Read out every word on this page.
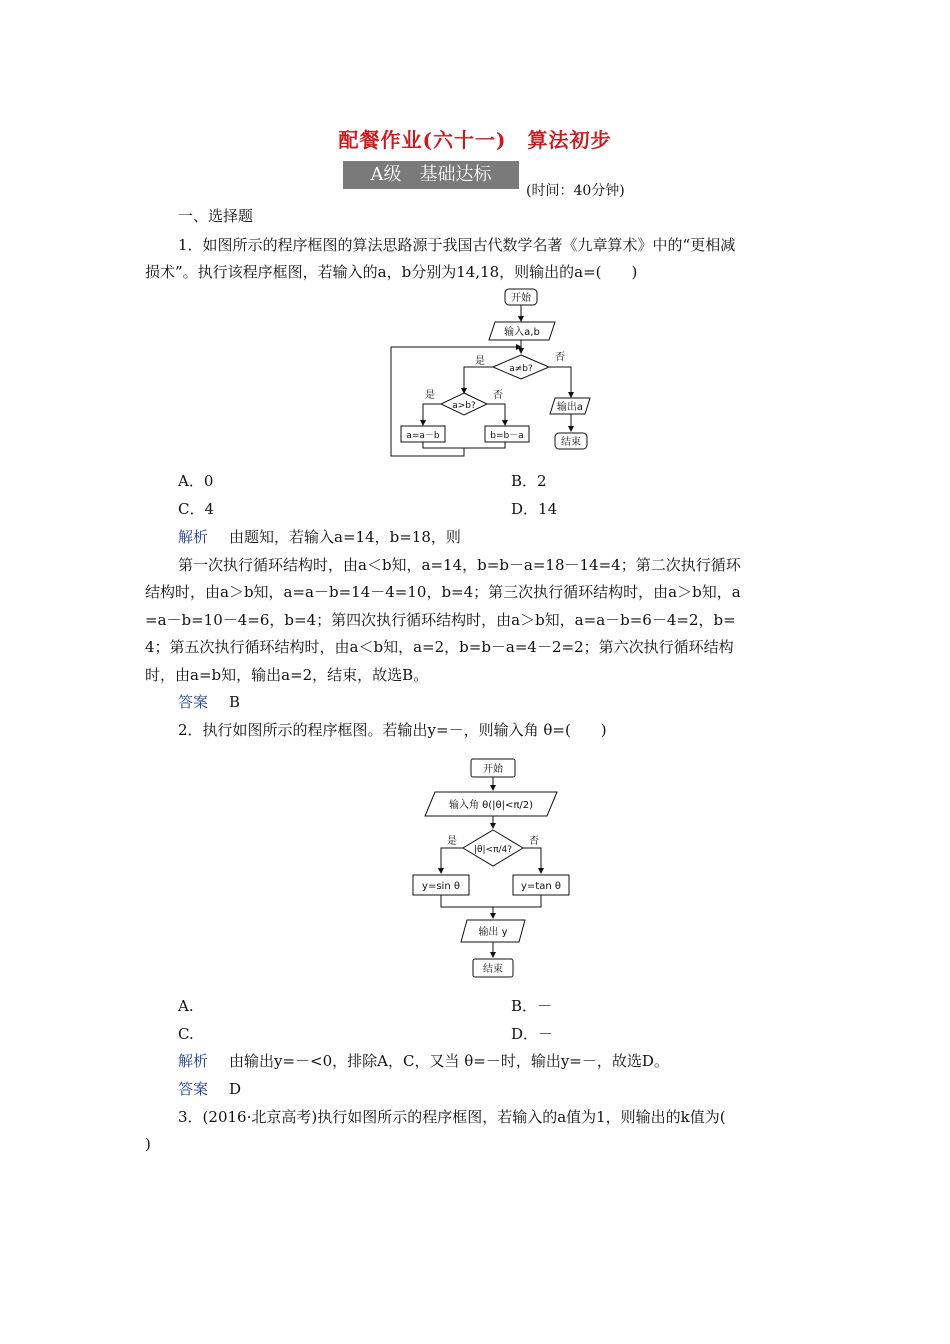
配餐作业(六十一)　算法初步
A级　基础达标
(时间：40分钟)
一、选择题
1．如图所示的程序框图的算法思路源于我国古代数学名著《九章算术》中的“更相减
损术”。执行该程序框图，若输入的a，b分别为14,18，则输出的a=(　　)
开始
输入a,b
a≠b?
是	否
a>b?
是	否
a=a－b	b=b－a
输出a
结束
A．0	B．2
C．4	D．14
解析 由题知，若输入a=14，b=18，则
第一次执行循环结构时，由a＜b知，a=14，b=b－a=18－14=4；第二次执行循环
结构时，由a＞b知，a=a－b=14－4=10，b=4；第三次执行循环结构时，由a＞b知，a
=a－b=10－4=6，b=4；第四次执行循环结构时，由a＞b知，a=a－b=6－4=2，b=
4；第五次执行循环结构时，由a＜b知，a=2，b=b－a=4－2=2；第六次执行循环结构
时，由a=b知，输出a=2，结束，故选B。
答案 B
2．执行如图所示的程序框图。若输出y=－，则输入角 θ=(　　)
开始
输入角 θ(|θ|<π/2)
|θ|<π/4?
是	否
y=sin θ	y=tan θ
输出 y
结束
A.	B．－
C.	D．－
解析 由输出y=－<0，排除A，C，又当 θ=－时，输出y=－，故选D。
答案 D
3．(2016·北京高考)执行如图所示的程序框图，若输入的a值为1，则输出的k值为(
)
